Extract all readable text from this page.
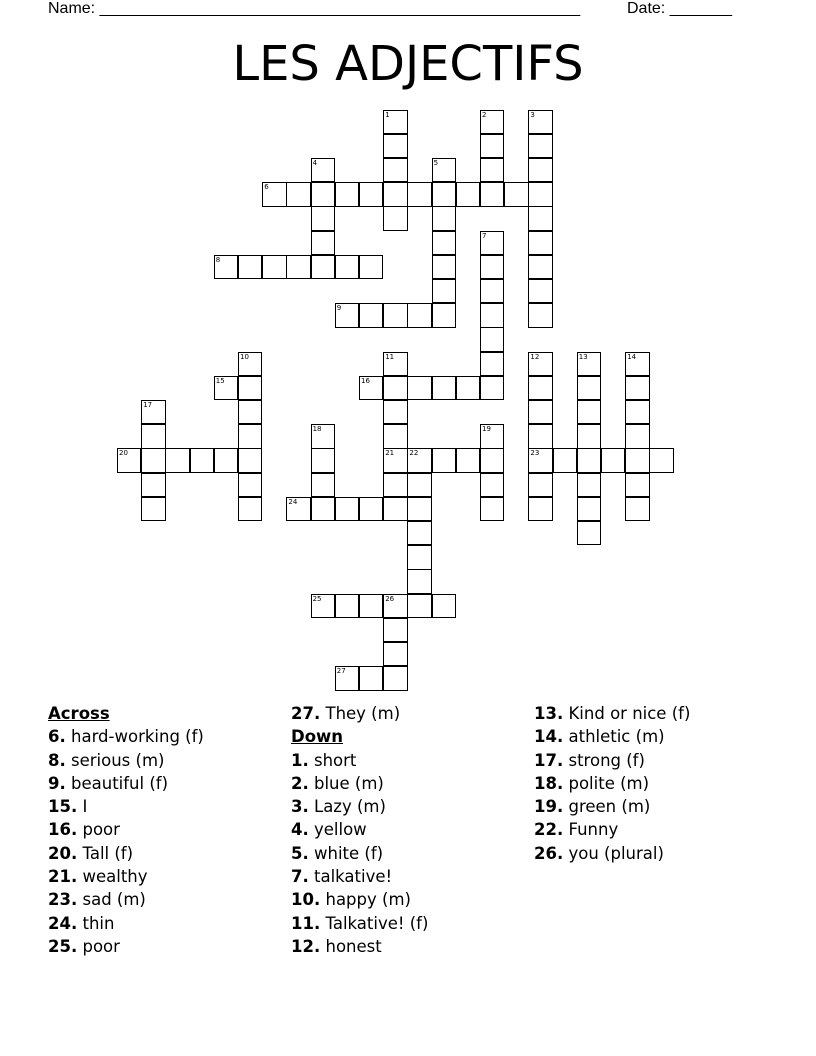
Name: ______________________________________________________	Date: _______
LES ADJECTIFS
1	2	3
4	5
6
7
8
9
10	11	12	13	14
15	16
17
18	19
20	21 22	23
24
25	26
27
Across
6. hard-working (f)
8. serious (m)
9. beautiful (f)
15. I
16. poor
20. Tall (f)
21. wealthy
23. sad (m)
24. thin
25. poor
27. They (m)
Down
1. short
2. blue (m)
3. Lazy (m)
4. yellow
5. white (f)
7. talkative!
10. happy (m)
11. Talkative! (f)
12. honest
13. Kind or nice (f)
14. athletic (m)
17. strong (f)
18. polite (m)
19. green (m)
22. Funny
26. you (plural)
